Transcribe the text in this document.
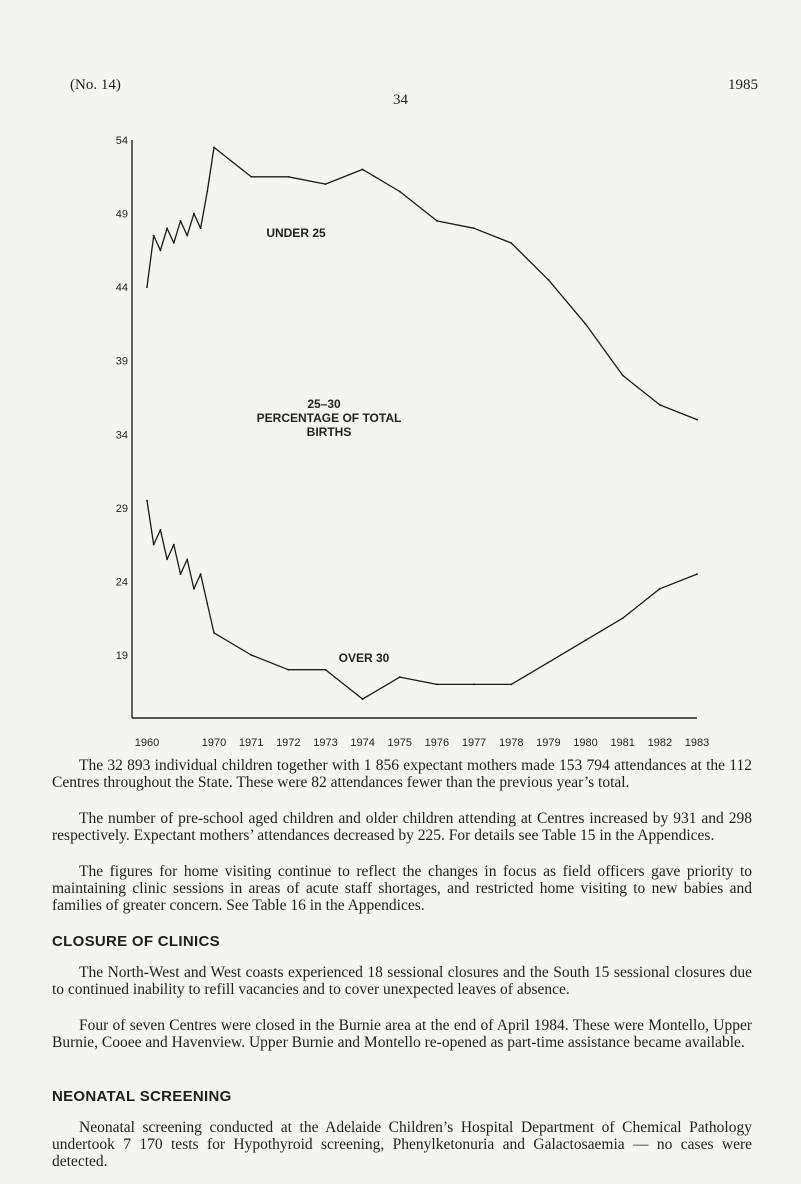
(No. 14)	1985
34
54
49
44
39
34
29
24
19
1960	1970 1971 1972 1973 1974 1975 1976 1977 1978 1979 1980 1981 1982 1983
UNDER 25
25–30
PERCENTAGE OF TOTAL
BIRTHS
OVER 30

The 32 893 individual children together with 1 856 expectant mothers made 153 794 attendances at the 112 Centres throughout the State. These were 82 attendances fewer than the previous year’s total.

The number of pre-school aged children and older children attending at Centres increased by 931 and 298 respectively. Expectant mothers’ attendances decreased by 225. For details see Table 15 in the Appendices.

The figures for home visiting continue to reflect the changes in focus as field officers gave priority to maintaining clinic sessions in areas of acute staff shortages, and restricted home visiting to new babies and families of greater concern. See Table 16 in the Appendices.

CLOSURE OF CLINICS

The North-West and West coasts experienced 18 sessional closures and the South 15 sessional closures due to continued inability to refill vacancies and to cover unexpected leaves of absence.

Four of seven Centres were closed in the Burnie area at the end of April 1984. These were Montello, Upper Burnie, Cooee and Havenview. Upper Burnie and Montello re-opened as part-time assistance became available.

NEONATAL SCREENING

Neonatal screening conducted at the Adelaide Children’s Hospital Department of Chemical Pathology undertook 7 170 tests for Hypothyroid screening, Phenylketonuria and Galactosaemia — no cases were detected.
